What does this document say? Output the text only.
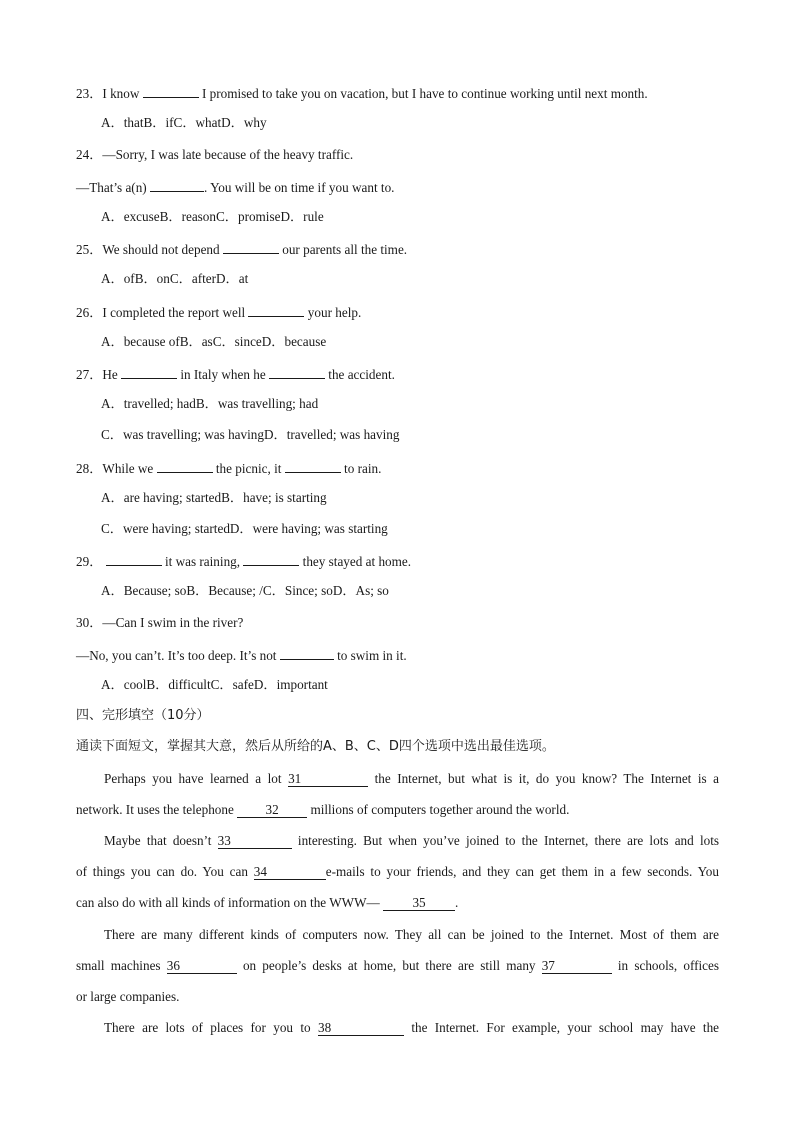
23．I know	I promised to take you on vacation, but I have to continue working until next month.
A．thatB．ifC．whatD．why
24．—Sorry, I was late because of the heavy traffic.
—That’s a(n)	. You will be on time if you want to.
A．excuseB．reasonC．promiseD．rule
25．We should not depend	our parents all the time.
A．ofB．onC．afterD．at
26．I completed the report well	your help.
A．because ofB．asC．sinceD．because
27．He	in Italy when he	the accident.
A．travelled; hadB．was travelling; had
C．was travelling; was havingD．travelled; was having
28．While we	the picnic, it	to rain.
A．are having; startedB．have; is starting
C．were having; startedD．were having; was starting
29．	it was raining,	they stayed at home.
A．Because; soB．Because; /C．Since; soD．As; so
30．—Can I swim in the river?
—No, you can’t. It’s too deep. It’s not	to swim in it.
A．coolB．difficultC．safeD．important
四、完形填空（10分）
通读下面短文，掌握其大意，然后从所给的A、B、C、D四个选项中选出最佳选项。
Perhaps you have learned a lot 31	the Internet, but what is it, do you know? The Internet is a
network. It uses the telephone 32 millions of computers together around the world.
Maybe that doesn’t 33	interesting. But when you’ve joined to the Internet, there are lots and lots
of things you can do. You can 34	e-mails to your friends, and they can get them in a few seconds. You
can also do with all kinds of information on the WWW— 35 .
There are many different kinds of computers now. They all can be joined to the Internet. Most of them are
small machines 36	on people’s desks at home, but there are still many 37	in schools, offices
or large companies.
There are lots of places for you to 38	the Internet. For example, your school may have the
